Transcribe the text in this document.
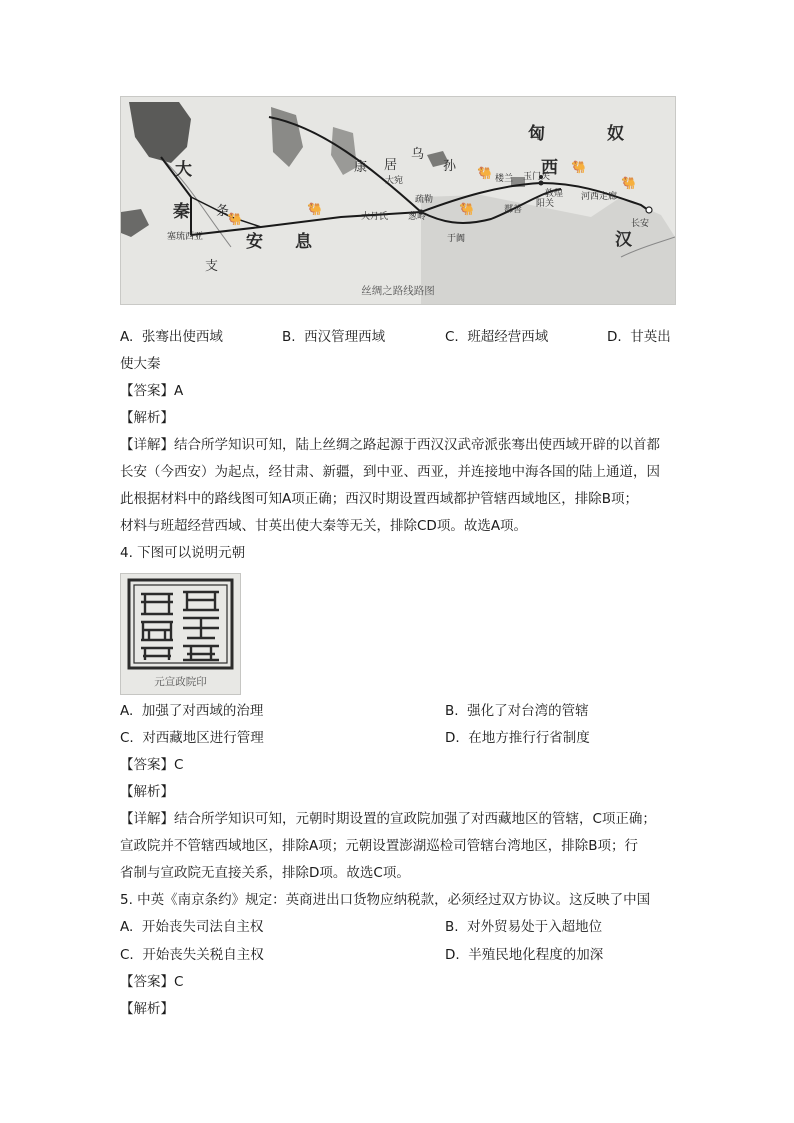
🐫
🐫
🐫	🐫
🐫
🐫
匈	奴
康 居
乌
孙
大宛	楼兰 玉门关
敦煌 河西走廊
阳关
疏勒
大月氏 葱岭
鄯善
于阗
西
汉
长安
大
秦 条
支
安 息
塞琉西亚
丝绸之路线路图
A. 张骞出使西域	B. 西汉管理西域	C. 班超经营西域	D. 甘英出
使大秦
【答案】A
【解析】
【详解】结合所学知识可知，陆上丝绸之路起源于西汉汉武帝派张骞出使西域开辟的以首都
长安（今西安）为起点，经甘肃、新疆，到中亚、西亚，并连接地中海各国的陆上通道，因
此根据材料中的路线图可知A项正确；西汉时期设置西域都护管辖西域地区，排除B项；
材料与班超经营西域、甘英出使大秦等无关，排除CD项。故选A项。
4. 下图可以说明元朝
元宣政院印
A. 加强了对西域的治理	B. 强化了对台湾的管辖
C. 对西藏地区进行管理	D. 在地方推行行省制度
【答案】C
【解析】
【详解】结合所学知识可知，元朝时期设置的宣政院加强了对西藏地区的管辖，C项正确；
宣政院并不管辖西域地区，排除A项；元朝设置澎湖巡检司管辖台湾地区，排除B项；行
省制与宣政院无直接关系，排除D项。故选C项。
5. 中英《南京条约》规定：英商进出口货物应纳税款，必须经过双方协议。这反映了中国
A. 开始丧失司法自主权	B. 对外贸易处于入超地位
C. 开始丧失关税自主权	D. 半殖民地化程度的加深
【答案】C
【解析】
